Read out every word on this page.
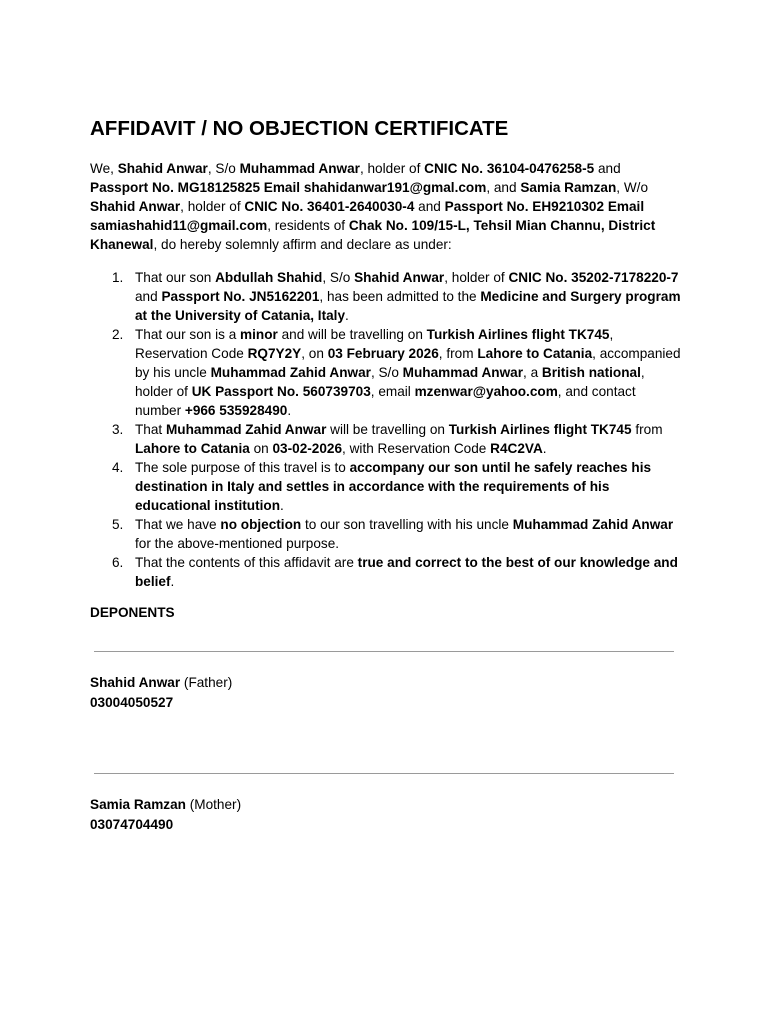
AFFIDAVIT / NO OBJECTION CERTIFICATE

We, Shahid Anwar, S/o Muhammad Anwar, holder of CNIC No. 36104-0476258-5 and Passport No. MG18125825 Email shahidanwar191@gmal.com, and Samia Ramzan, W/o Shahid Anwar, holder of CNIC No. 36401-2640030-4 and Passport No. EH9210302 Email samiashahid11@gmail.com, residents of Chak No. 109/15-L, Tehsil Mian Channu, District Khanewal, do hereby solemnly affirm and declare as under:

1. That our son Abdullah Shahid, S/o Shahid Anwar, holder of CNIC No. 35202-7178220-7 and Passport No. JN5162201, has been admitted to the Medicine and Surgery program at the University of Catania, Italy.
2. That our son is a minor and will be travelling on Turkish Airlines flight TK745, Reservation Code RQ7Y2Y, on 03 February 2026, from Lahore to Catania, accompanied by his uncle Muhammad Zahid Anwar, S/o Muhammad Anwar, a British national, holder of UK Passport No. 560739703, email mzenwar@yahoo.com, and contact number +966 535928490.
3. That Muhammad Zahid Anwar will be travelling on Turkish Airlines flight TK745 from Lahore to Catania on 03-02-2026, with Reservation Code R4C2VA.
4. The sole purpose of this travel is to accompany our son until he safely reaches his destination in Italy and settles in accordance with the requirements of his educational institution.
5. That we have no objection to our son travelling with his uncle Muhammad Zahid Anwar for the above-mentioned purpose.
6. That the contents of this affidavit are true and correct to the best of our knowledge and belief.
DEPONENTS
Shahid Anwar (Father)
03004050527
Samia Ramzan (Mother)
03074704490
